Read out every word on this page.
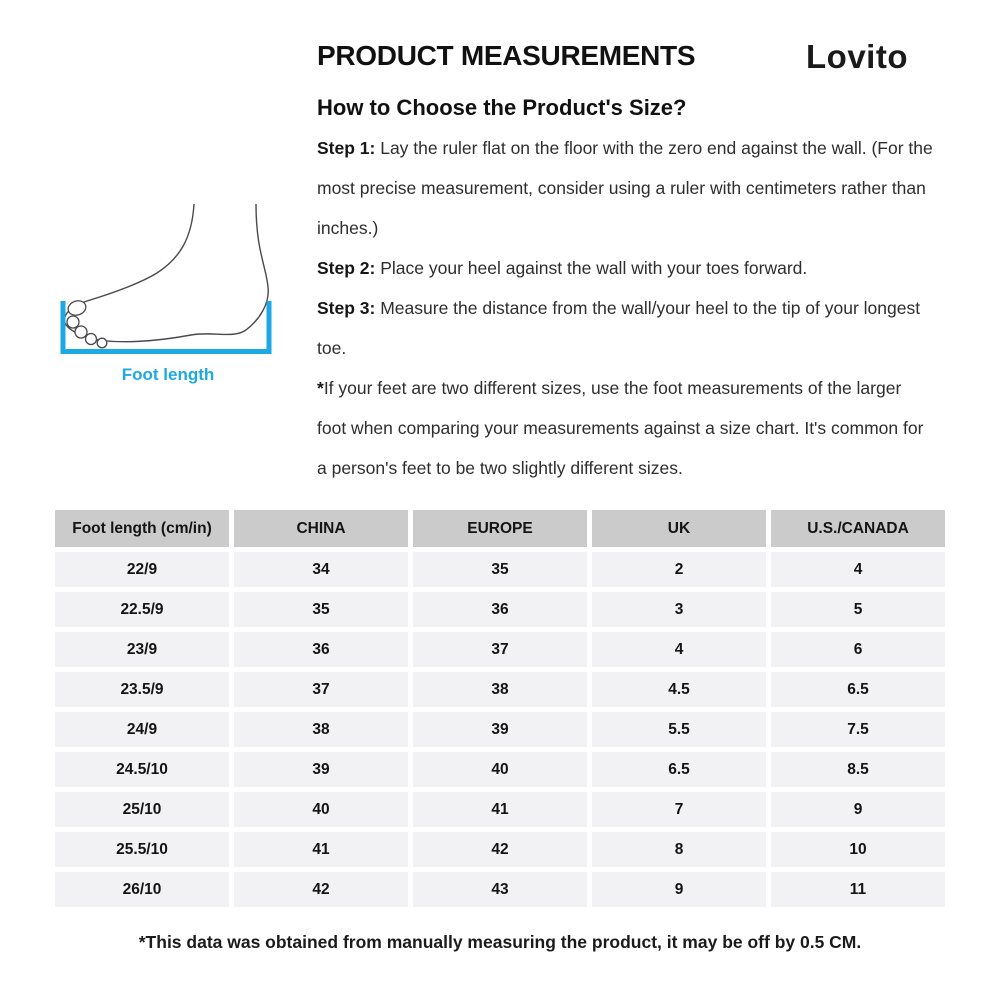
PRODUCT MEASUREMENTS	Lovito
How to Choose the Product's Size?

Step 1: Lay the ruler flat on the floor with the zero end against the wall. (For the most precise measurement, consider using a ruler with centimeters rather than inches.)

Step 2: Place your heel against the wall with your toes forward.

Step 3: Measure the distance from the wall/your heel to the tip of your longest toe.

*If your feet are two different sizes, use the foot measurements of the larger foot when comparing your measurements against a size chart. It's common for a person's feet to be two slightly different sizes.

Foot length
Foot length (cm/in)	CHINA	EUROPE	UK	U.S./CANADA
22/9	34	35	2	4
22.5/9	35	36	3	5
23/9	36	37	4	6
23.5/9	37	38	4.5	6.5
24/9	38	39	5.5	7.5
24.5/10	39	40	6.5	8.5
25/10	40	41	7	9
25.5/10	41	42	8	10
26/10	42	43	9	11
*This data was obtained from manually measuring the product, it may be off by 0.5 CM.
